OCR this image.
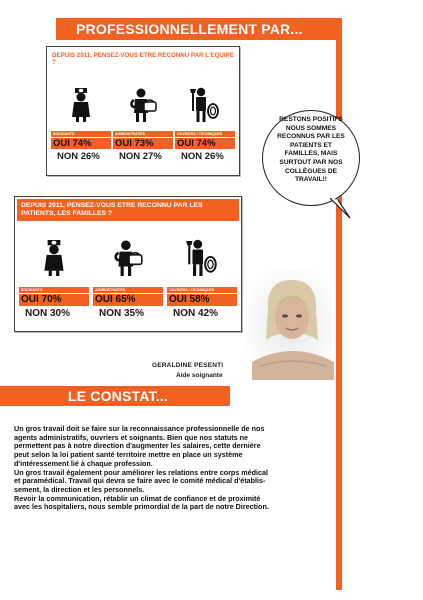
PROFESSIONNELLEMENT PAR...
DEPUIS 2011, PENSEZ-VOUS ETRE RECONNU PAR L'EQUIPE ?
SOIGNANTS
OUI 74%
NON 26%
ADMINISTRATIFS
OUI 73%
NON 27%
OUVRIERS / TECHNIQUES
OUI 74%
NON 26%
RESTONS POSITIFS
NOUS SOMMES
RECONNUS PAR LES
PATIENTS ET
FAMILLES, MAIS
SURTOUT PAR NOS
COLLÈGUES DE
TRAVAIL!!
DEPUIS 2011, PENSEZ-VOUS ETRE RECONNU PAR LES PATIENTS, LES FAMILLES ?
SOIGNANTS
OUI 70%
NON 30%
ADMINISTRATIFS
OUI 65%
NON 35%
OUVRIERS / TECHNIQUES
OUI 58%
NON 42%
GERALDINE PESENTI
Aide soignante
LE CONSTAT...

Un gros travail doit se faire sur la reconnaissance professionnelle de nos

agents administratifs, ouvriers et soignants. Bien que nos statuts ne

permettent pas à notre direction d'augmenter les salaires, cette dernière

peut selon la loi patient santé territoire mettre en place un système

d'intéressement lié à chaque profession.

Un gros travail également pour améliorer les relations entre corps médical

et paramédical. Travail qui devra se faire avec le comité médical d'établis-

sement, la direction et les personnels.

Revoir la communication, rétablir un climat de confiance et de proximité

avec les hospitaliers, nous semble primordial de la part de notre Direction.
